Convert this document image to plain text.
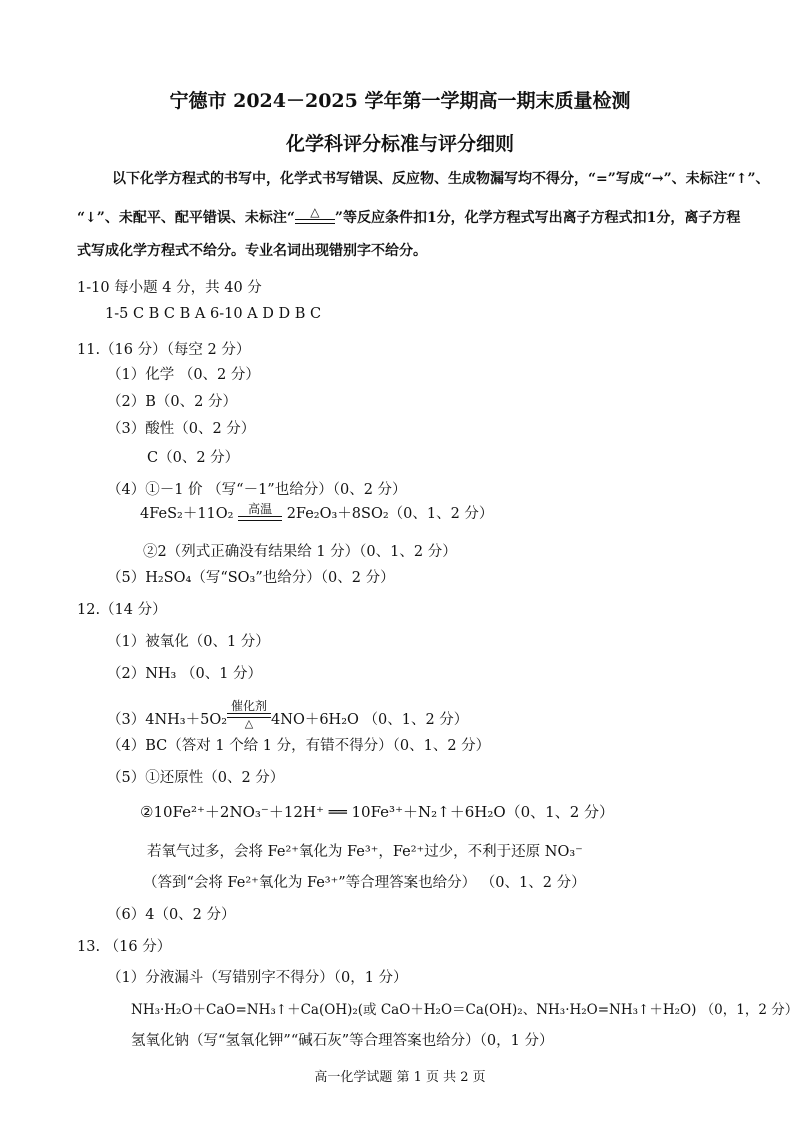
宁德市 2024－2025 学年第一学期高一期末质量检测
化学科评分标准与评分细则
以下化学方程式的书写中，化学式书写错误、反应物、生成物漏写均不得分，“=”写成“→”、未标注“↑”、
“↓”、未配平、配平错误、未标注“	△	”等反应条件扣1分，化学方程式写出离子方程式扣1分，离子方程
式写成化学方程式不给分。专业名词出现错别字不给分。
1-10 每小题 4 分，共 40 分
1-5 C B C B A 6-10 A D D B C
11.（16 分）（每空 2 分）
（1）化学 （0、2 分）
（2）B（0、2 分）
（3）酸性（0、2 分）
C（0、2 分）
（4）①－1 价 （写“－1”也给分）（0、2 分）
4FeS₂＋11O₂	高温	2Fe₂O₃＋8SO₂（0、1、2 分）
②2（列式正确没有结果给 1 分）（0、1、2 分）
（5）H₂SO₄（写“SO₃”也给分）（0、2 分）
12.（14 分）
（1）被氧化（0、1 分）
（2）NH₃ （0、1 分）
（3）4NH₃＋5O₂
催化剂
△	4NO＋6H₂O （0、1、2 分）
（4）BC（答对 1 个给 1 分，有错不得分）（0、1、2 分）
（5）①还原性（0、2 分）
②10Fe²⁺＋2NO₃⁻＋12H⁺ ══ 10Fe³⁺＋N₂↑＋6H₂O（0、1、2 分）
若氧气过多，会将 Fe²⁺氧化为 Fe³⁺，Fe²⁺过少，不利于还原 NO₃⁻
（答到“会将 Fe²⁺氧化为 Fe³⁺”等合理答案也给分） （0、1、2 分）
（6）4（0、2 分）
13. （16 分）
（1）分液漏斗（写错别字不得分）（0，1 分）
NH₃·H₂O＋CaO=NH₃↑＋Ca(OH)₂(或 CaO＋H₂O＝Ca(OH)₂、NH₃·H₂O=NH₃↑＋H₂O) （0，1，2 分）
氢氧化钠（写“氢氧化钾”“碱石灰”等合理答案也给分）（0，1 分）
高一化学试题 第 1 页 共 2 页
